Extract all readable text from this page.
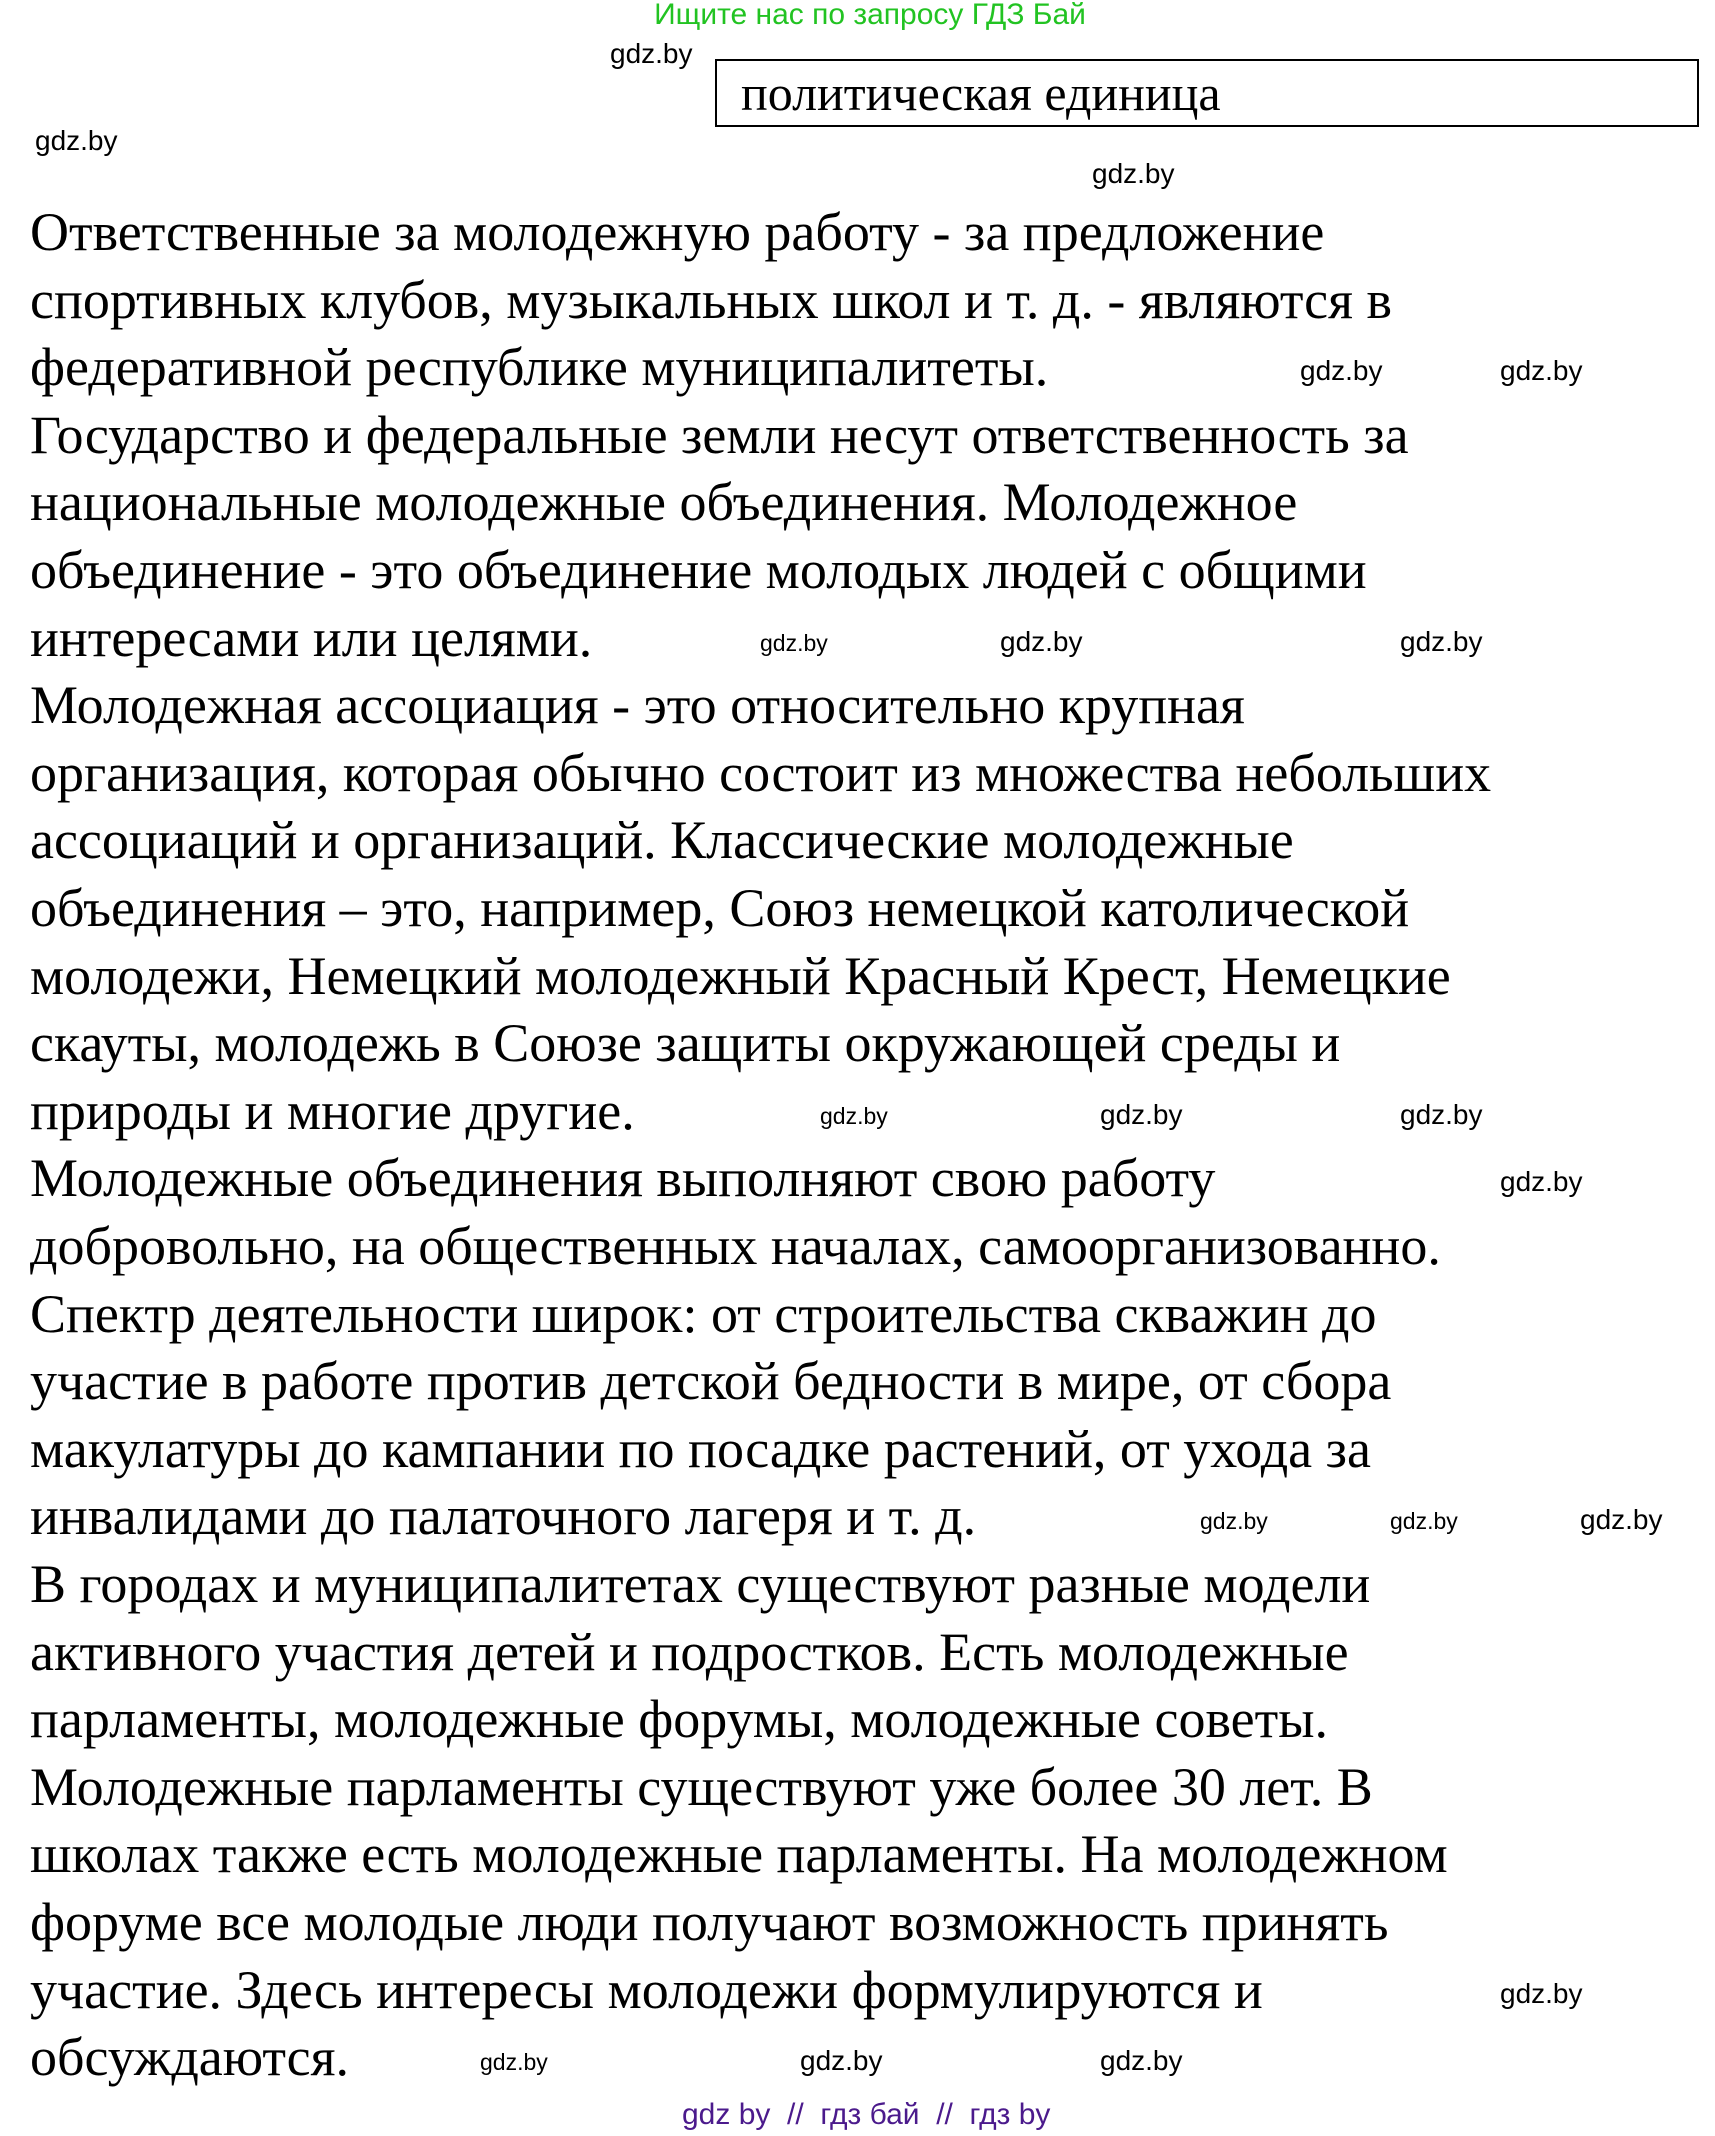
Ищите нас по запросу ГДЗ Бай
политическая единица
Ответственные за молодежную работу - за предложение
спортивных клубов, музыкальных школ и т. д. - являются в
федеративной республике муниципалитеты.
Государство и федеральные земли несут ответственность за
национальные молодежные объединения. Молодежное
объединение - это объединение молодых людей с общими
интересами или целями.
Молодежная ассоциация - это относительно крупная
организация, которая обычно состоит из множества небольших
ассоциаций и организаций. Классические молодежные
объединения – это, например, Союз немецкой католической
молодежи, Немецкий молодежный Красный Крест, Немецкие
скауты, молодежь в Союзе защиты окружающей среды и
природы и многие другие.
Молодежные объединения выполняют свою работу
добровольно, на общественных началах, самоорганизованно.
Спектр деятельности широк: от строительства скважин до
участие в работе против детской бедности в мире, от сбора
макулатуры до кампании по посадке растений, от ухода за
инвалидами до палаточного лагеря и т. д.
В городах и муниципалитетах существуют разные модели
активного участия детей и подростков. Есть молодежные
парламенты, молодежные форумы, молодежные советы.
Молодежные парламенты существуют уже более 30 лет. В
школах также есть молодежные парламенты. На молодежном
форуме все молодые люди получают возможность принять
участие. Здесь интересы молодежи формулируются и
обсуждаются.
gdz.by
gdz.by
gdz.by
gdz.by	gdz.by
gdz.by	gdz.by	gdz.by
gdz.by	gdz.by	gdz.by
gdz.by
gdz.by	gdz.by	gdz.by
gdz.by
gdz.by	gdz.by	gdz.by
gdz by  //  гдз бай  //  гдз by
